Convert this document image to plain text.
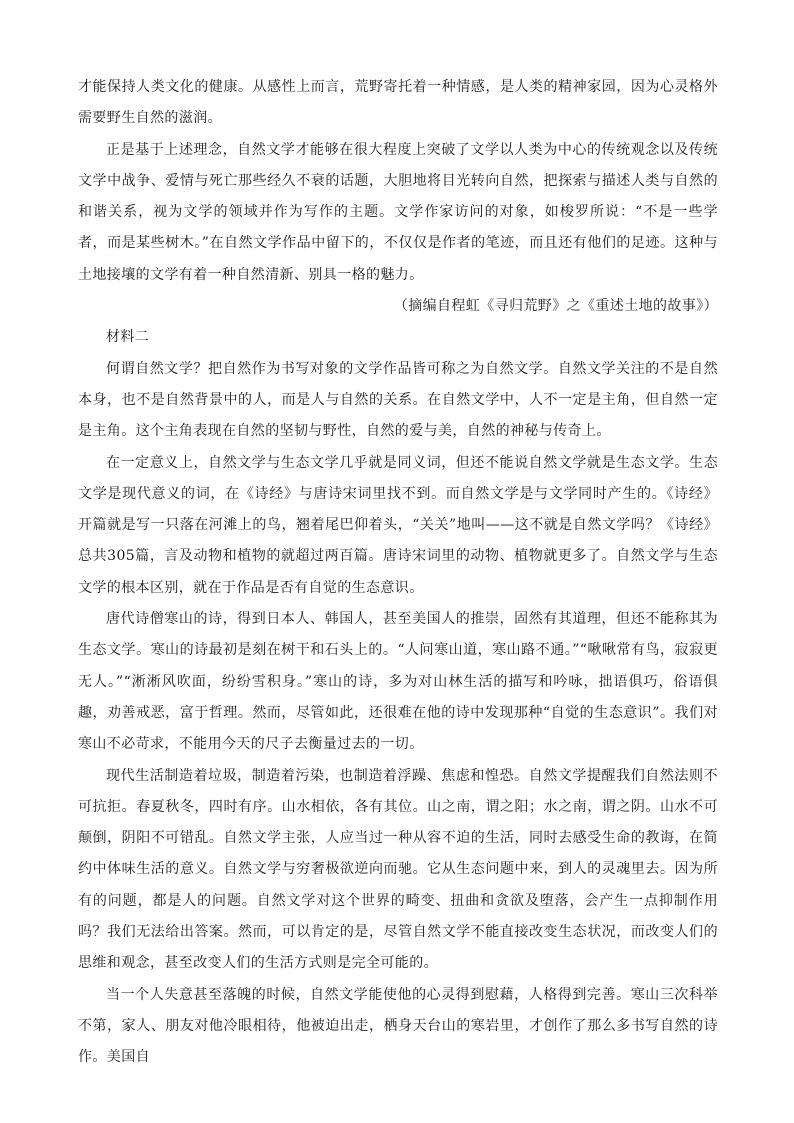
才能保持人类文化的健康。从感性上而言，荒野寄托着一种情感，是人类的精神家园，因为心灵格外需要野生自然的滋润。

正是基于上述理念，自然文学才能够在很大程度上突破了文学以人类为中心的传统观念以及传统文学中战争、爱情与死亡那些经久不衰的话题，大胆地将目光转向自然，把探索与描述人类与自然的和谐关系，视为文学的领域并作为写作的主题。文学作家访问的对象，如梭罗所说：“不是一些学者，而是某些树木。”在自然文学作品中留下的，不仅仅是作者的笔迹，而且还有他们的足迹。这种与土地接壤的文学有着一种自然清新、别具一格的魅力。

（摘编自程虹《寻归荒野》之《重述土地的故事》）

材料二

何谓自然文学？把自然作为书写对象的文学作品皆可称之为自然文学。自然文学关注的不是自然本身，也不是自然背景中的人，而是人与自然的关系。在自然文学中，人不一定是主角，但自然一定是主角。这个主角表现在自然的坚韧与野性，自然的爱与美，自然的神秘与传奇上。

在一定意义上，自然文学与生态文学几乎就是同义词，但还不能说自然文学就是生态文学。生态文学是现代意义的词，在《诗经》与唐诗宋词里找不到。而自然文学是与文学同时产生的。《诗经》开篇就是写一只落在河滩上的鸟，翘着尾巴仰着头，“关关”地叫——这不就是自然文学吗？《诗经》总共305篇，言及动物和植物的就超过两百篇。唐诗宋词里的动物、植物就更多了。自然文学与生态文学的根本区别，就在于作品是否有自觉的生态意识。

唐代诗僧寒山的诗，得到日本人、韩国人，甚至美国人的推崇，固然有其道理，但还不能称其为生态文学。寒山的诗最初是刻在树干和石头上的。“人问寒山道，寒山路不通。”“啾啾常有鸟，寂寂更无人。”“淅淅风吹面，纷纷雪积身。”寒山的诗，多为对山林生活的描写和吟咏，拙语俱巧，俗语俱趣，劝善戒恶，富于哲理。然而，尽管如此，还很难在他的诗中发现那种“自觉的生态意识”。我们对寒山不必苛求，不能用今天的尺子去衡量过去的一切。

现代生活制造着垃圾，制造着污染，也制造着浮躁、焦虑和惶恐。自然文学提醒我们自然法则不可抗拒。春夏秋冬，四时有序。山水相依，各有其位。山之南，谓之阳；水之南，谓之阴。山水不可颠倒，阴阳不可错乱。自然文学主张，人应当过一种从容不迫的生活，同时去感受生命的教诲，在简约中体味生活的意义。自然文学与穷奢极欲逆向而驰。它从生态问题中来，到人的灵魂里去。因为所有的问题，都是人的问题。自然文学对这个世界的畸变、扭曲和贪欲及堕落，会产生一点抑制作用吗？我们无法给出答案。然而，可以肯定的是，尽管自然文学不能直接改变生态状况，而改变人们的思维和观念，甚至改变人们的生活方式则是完全可能的。

当一个人失意甚至落魄的时候，自然文学能使他的心灵得到慰藉，人格得到完善。寒山三次科举不第，家人、朋友对他冷眼相待，他被迫出走，栖身天台山的寒岩里，才创作了那么多书写自然的诗作。美国自
